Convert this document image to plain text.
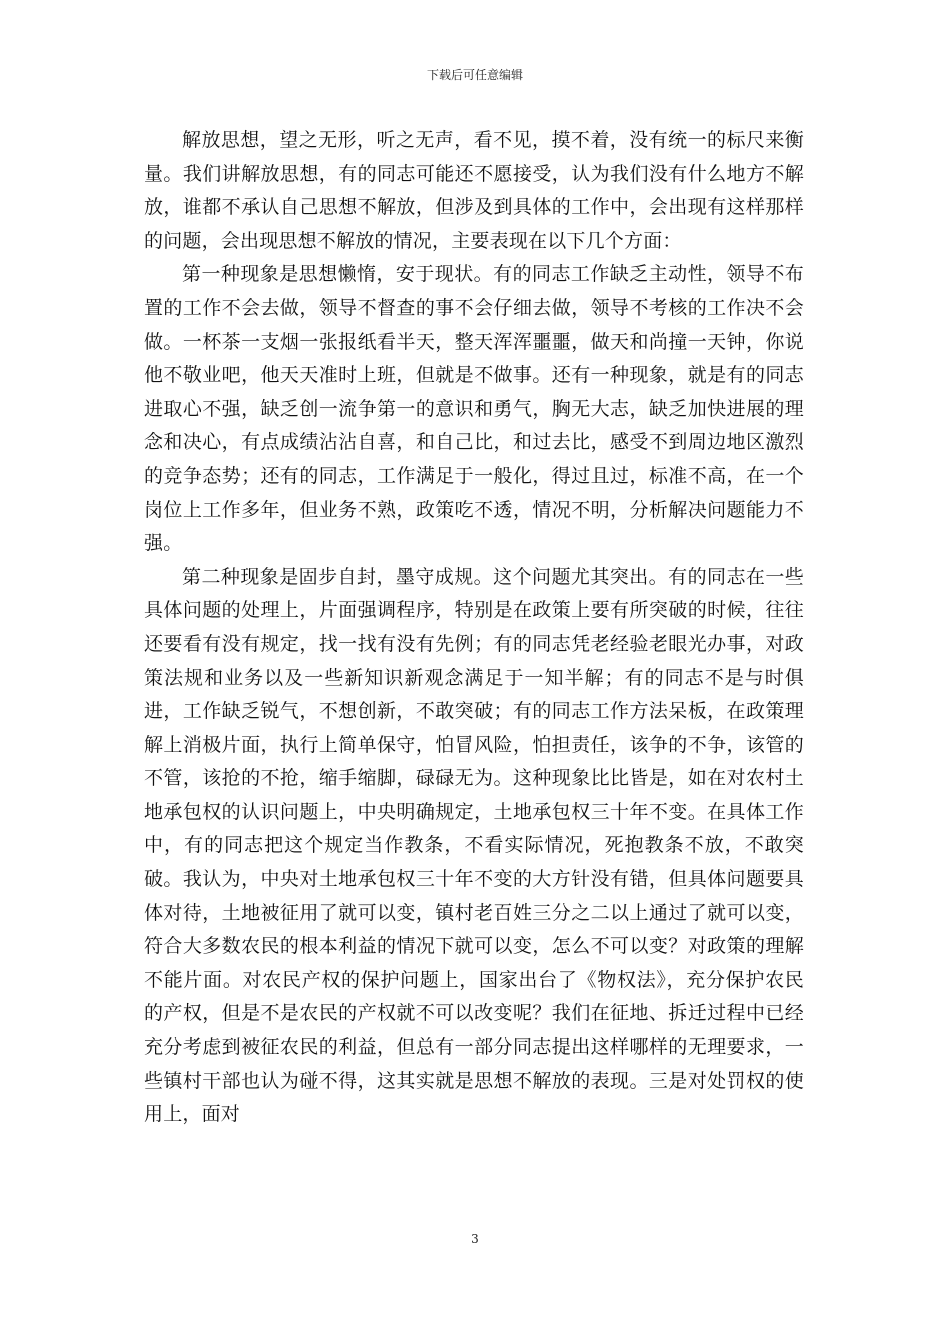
下载后可任意编辑

解放思想，望之无形，听之无声，看不见，摸不着，没有统一的标尺来衡量。我们讲解放思想，有的同志可能还不愿接受，认为我们没有什么地方不解放，谁都不承认自己思想不解放，但涉及到具体的工作中，会出现有这样那样的问题，会出现思想不解放的情况，主要表现在以下几个方面：

第一种现象是思想懒惰，安于现状。有的同志工作缺乏主动性，领导不布置的工作不会去做，领导不督查的事不会仔细去做，领导不考核的工作决不会做。一杯茶一支烟一张报纸看半天，整天浑浑噩噩，做天和尚撞一天钟，你说他不敬业吧，他天天准时上班，但就是不做事。还有一种现象，就是有的同志进取心不强，缺乏创一流争第一的意识和勇气，胸无大志，缺乏加快进展的理念和决心，有点成绩沾沾自喜，和自己比，和过去比，感受不到周边地区激烈的竞争态势；还有的同志，工作满足于一般化，得过且过，标准不高，在一个岗位上工作多年，但业务不熟，政策吃不透，情况不明，分析解决问题能力不强。

第二种现象是固步自封，墨守成规。这个问题尤其突出。有的同志在一些具体问题的处理上，片面强调程序，特别是在政策上要有所突破的时候，往往还要看有没有规定，找一找有没有先例；有的同志凭老经验老眼光办事，对政策法规和业务以及一些新知识新观念满足于一知半解；有的同志不是与时俱进，工作缺乏锐气，不想创新，不敢突破；有的同志工作方法呆板，在政策理解上消极片面，执行上简单保守，怕冒风险，怕担责任，该争的不争，该管的不管，该抢的不抢，缩手缩脚，碌碌无为。这种现象比比皆是，如在对农村土地承包权的认识问题上，中央明确规定，土地承包权三十年不变。在具体工作中，有的同志把这个规定当作教条，不看实际情况，死抱教条不放，不敢突破。我认为，中央对土地承包权三十年不变的大方针没有错，但具体问题要具体对待，土地被征用了就可以变，镇村老百姓三分之二以上通过了就可以变，符合大多数农民的根本利益的情况下就可以变，怎么不可以变？对政策的理解不能片面。对农民产权的保护问题上，国家出台了《物权法》，充分保护农民的产权，但是不是农民的产权就不可以改变呢？我们在征地、拆迁过程中已经充分考虑到被征农民的利益，但总有一部分同志提出这样哪样的无理要求，一些镇村干部也认为碰不得，这其实就是思想不解放的表现。三是对处罚权的使用上，面对

3
